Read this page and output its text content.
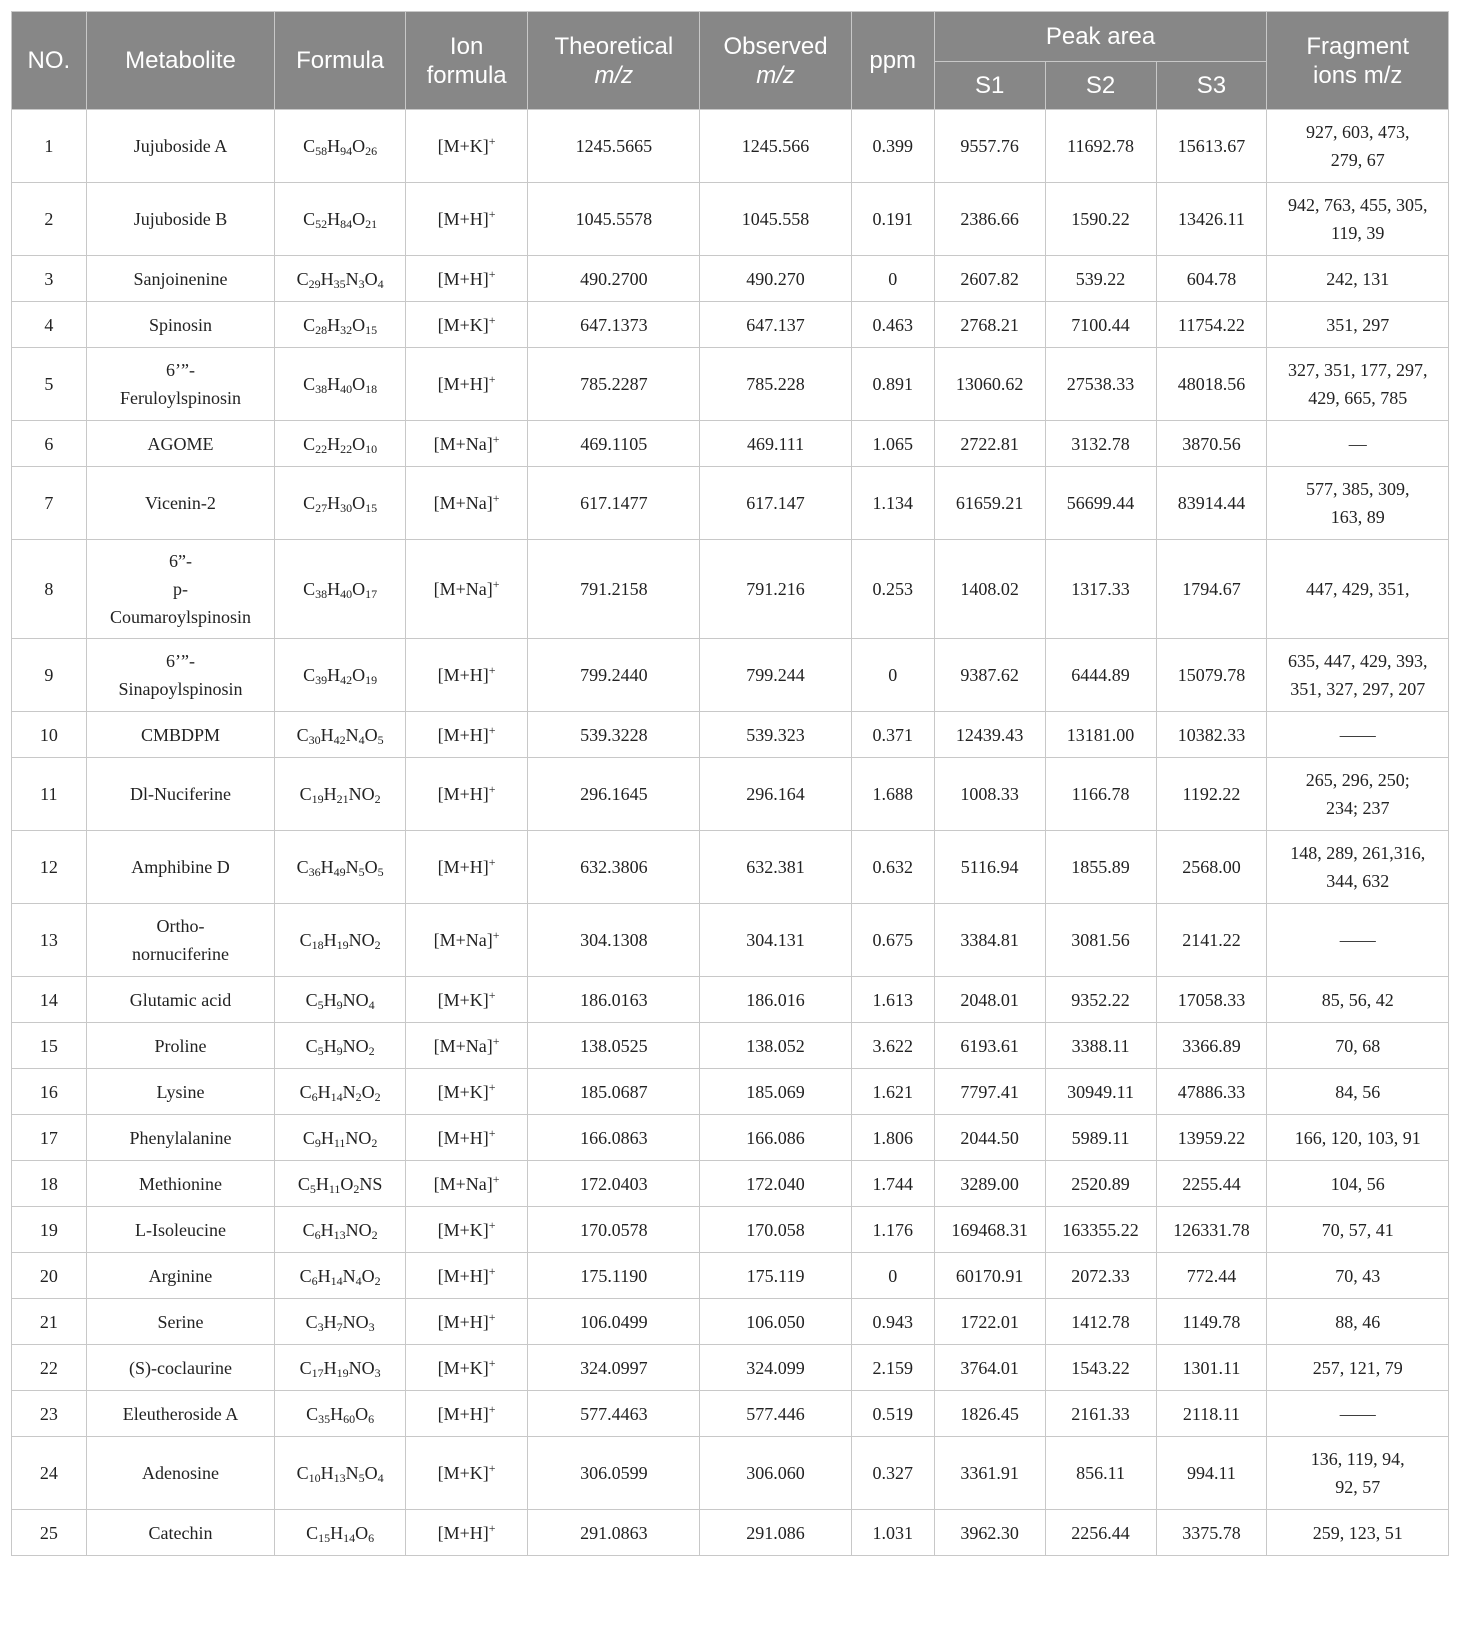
NO.	Metabolite	Formula	Ion
formula	Theoretical
m/z	Observed
m/z	ppm	Peak area			Fragment
ions m/z
							S1	S2	S3	
1	Jujuboside A	$C_{58}H_{94}O_{26}$	[M+K]+	1245.5665	1245.566	0.399	9557.76	11692.78	15613.67	927, 603, 473,
279, 67
2	Jujuboside B	$C_{52}H_{84}O_{21}$	[M+H]+	1045.5578	1045.558	0.191	2386.66	1590.22	13426.11	942, 763, 455, 305,
119, 39
3	Sanjoinenine	$C_{29}H_{35}N_3O_4$	[M+H]+	490.2700	490.270	0	2607.82	539.22	604.78	242, 131
4	Spinosin	$C_{28}H_{32}O_{15}$	[M+K]+	647.1373	647.137	0.463	2768.21	7100.44	11754.22	351, 297
5	6’”-
Feruloylspinosin	$C_{38}H_{40}O_{18}$	[M+H]+	785.2287	785.228	0.891	13060.62	27538.33	48018.56	327, 351, 177, 297,
429, 665, 785
6	AGOME	$C_{22}H_{22}O_{10}$	[M+Na]+	469.1105	469.111	1.065	2722.81	3132.78	3870.56	—
7	Vicenin-2	$C_{27}H_{30}O_{15}$	[M+Na]+	617.1477	617.147	1.134	61659.21	56699.44	83914.44	577, 385, 309,
163, 89
8	6”-
p-
Coumaroylspinosin	$C_{38}H_{40}O_{17}$	[M+Na]+	791.2158	791.216	0.253	1408.02	1317.33	1794.67	447, 429, 351,
9	6’”-
Sinapoylspinosin	$C_{39}H_{42}O_{19}$	[M+H]+	799.2440	799.244	0	9387.62	6444.89	15079.78	635, 447, 429, 393,
351, 327, 297, 207
10	CMBDPM	$C_{30}H_{42}N_4O_5$	[M+H]+	539.3228	539.323	0.371	12439.43	13181.00	10382.33	——
11	Dl-Nuciferine	$C_{19}H_{21}NO_2$	[M+H]+	296.1645	296.164	1.688	1008.33	1166.78	1192.22	265, 296, 250;
234; 237
12	Amphibine D	$C_{36}H_{49}N_5O_5$	[M+H]+	632.3806	632.381	0.632	5116.94	1855.89	2568.00	148, 289, 261,316,
344, 632
13	Ortho-
nornuciferine	$C_{18}H_{19}NO_2$	[M+Na]+	304.1308	304.131	0.675	3384.81	3081.56	2141.22	——
14	Glutamic acid	$C_5H_9NO_4$	[M+K]+	186.0163	186.016	1.613	2048.01	9352.22	17058.33	85, 56, 42
15	Proline	$C_5H_9NO_2$	[M+Na]+	138.0525	138.052	3.622	6193.61	3388.11	3366.89	70, 68
16	Lysine	$C_6H_{14}N_2O_2$	[M+K]+	185.0687	185.069	1.621	7797.41	30949.11	47886.33	84, 56
17	Phenylalanine	$C_9H_{11}NO_2$	[M+H]+	166.0863	166.086	1.806	2044.50	5989.11	13959.22	166, 120, 103, 91
18	Methionine	$C_5H_{11}O_2NS$	[M+Na]+	172.0403	172.040	1.744	3289.00	2520.89	2255.44	104, 56
19	L-Isoleucine	$C_6H_{13}NO_2$	[M+K]+	170.0578	170.058	1.176	169468.31	163355.22	126331.78	70, 57, 41
20	Arginine	$C_6H_{14}N_4O_2$	[M+H]+	175.1190	175.119	0	60170.91	2072.33	772.44	70, 43
21	Serine	$C_3H_7NO_3$	[M+H]+	106.0499	106.050	0.943	1722.01	1412.78	1149.78	88, 46
22	(S)-coclaurine	$C_{17}H_{19}NO_3$	[M+K]+	324.0997	324.099	2.159	3764.01	1543.22	1301.11	257, 121, 79
23	Eleutheroside A	$C_{35}H_{60}O_6$	[M+H]+	577.4463	577.446	0.519	1826.45	2161.33	2118.11	——
24	Adenosine	$C_{10}H_{13}N_5O_4$	[M+K]+	306.0599	306.060	0.327	3361.91	856.11	994.11	136, 119, 94,
92, 57
25	Catechin	$C_{15}H_{14}O_6$	[M+H]+	291.0863	291.086	1.031	3962.30	2256.44	3375.78	259, 123, 51
